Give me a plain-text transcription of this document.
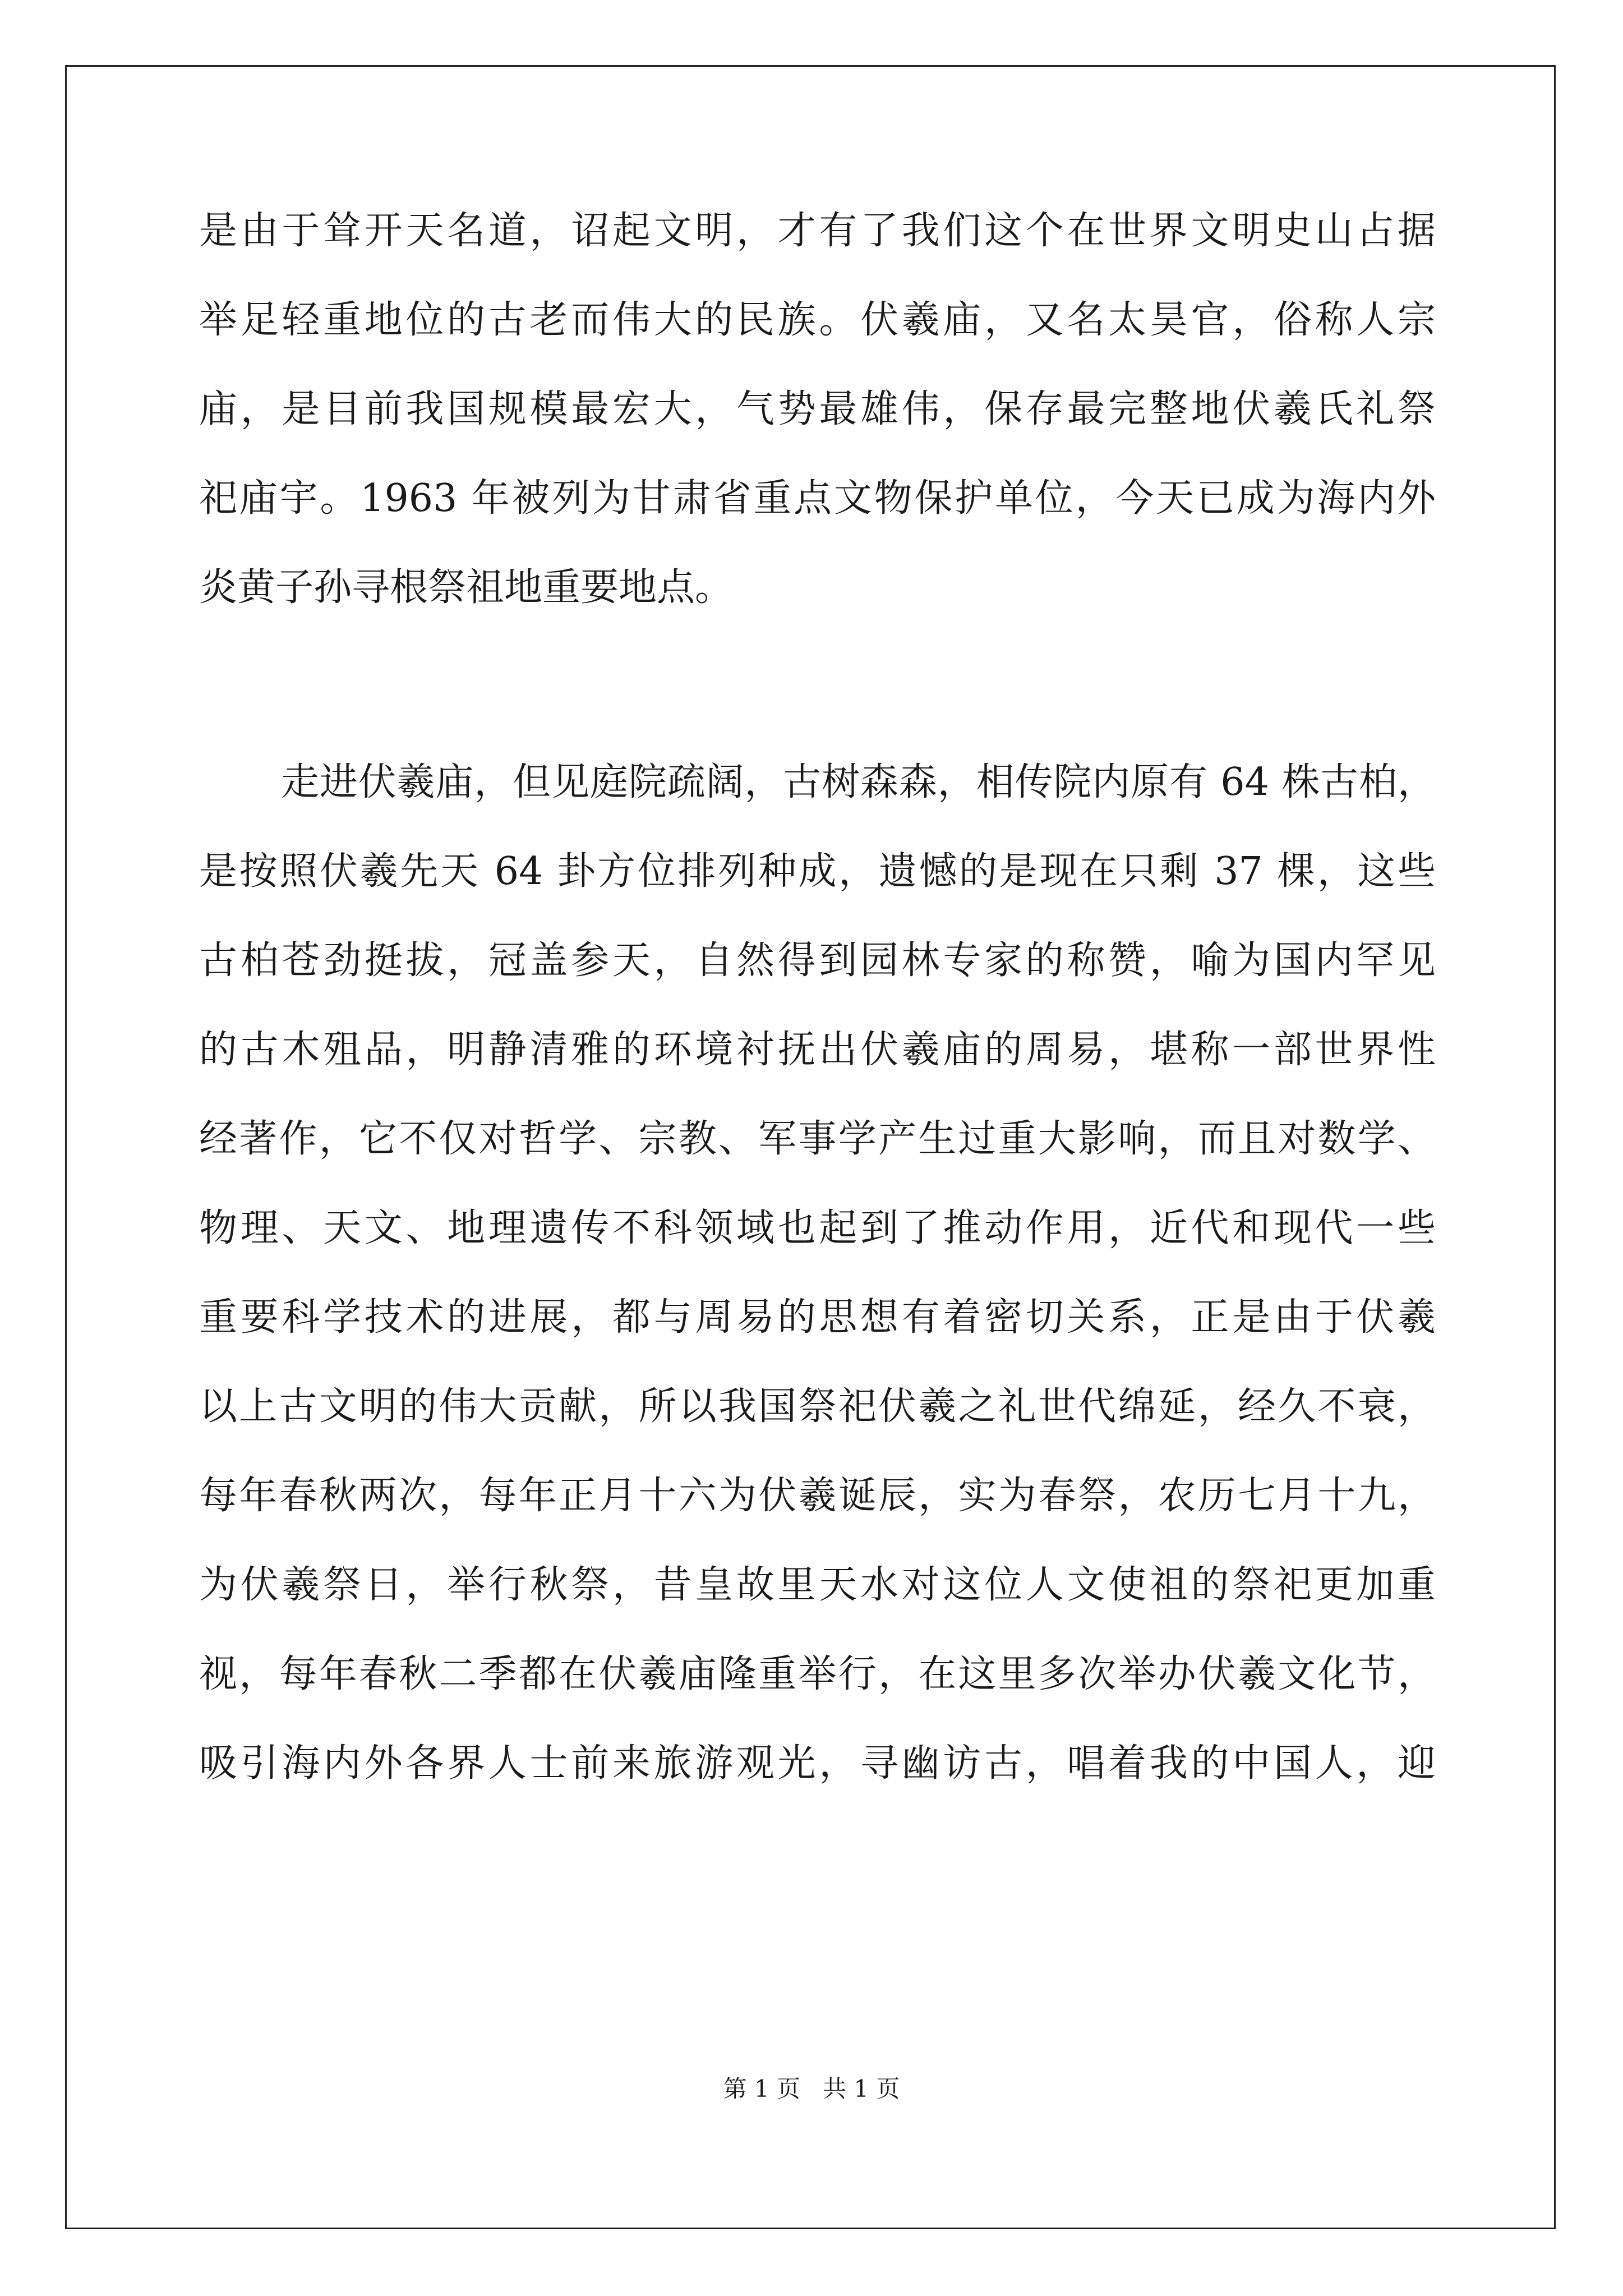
是由于耸开天名道，诏起文明，才有了我们这个在世界文明史山占据
举足轻重地位的古老而伟大的民族。伏羲庙，又名太昊官，俗称人宗
庙，是目前我国规模最宏大，气势最雄伟，保存最完整地伏羲氏礼祭
祀庙宇。1963 年被列为甘肃省重点文物保护单位，今天已成为海内外
炎黄子孙寻根祭祖地重要地点。
走进伏羲庙，但见庭院疏阔，古树森森，相传院内原有 64 株古柏，
是按照伏羲先天 64 卦方位排列种成，遗憾的是现在只剩 37 棵，这些
古柏苍劲挺拔，冠盖参天，自然得到园林专家的称赞，喻为国内罕见
的古木殂品，明静清雅的环境衬抚出伏羲庙的周易，堪称一部世界性
经著作，它不仅对哲学、宗教、军事学产生过重大影响，而且对数学、
物理、天文、地理遗传不科领域也起到了推动作用，近代和现代一些
重要科学技术的进展，都与周易的思想有着密切关系，正是由于伏羲
以上古文明的伟大贡献，所以我国祭祀伏羲之礼世代绵延，经久不衰，
每年春秋两次，每年正月十六为伏羲诞辰，实为春祭，农历七月十九，
为伏羲祭日，举行秋祭，昔皇故里天水对这位人文使祖的祭祀更加重
视，每年春秋二季都在伏羲庙隆重举行，在这里多次举办伏羲文化节，
吸引海内外各界人士前来旅游观光，寻幽访古，唱着我的中国人，迎
第 1 页 共 1 页
